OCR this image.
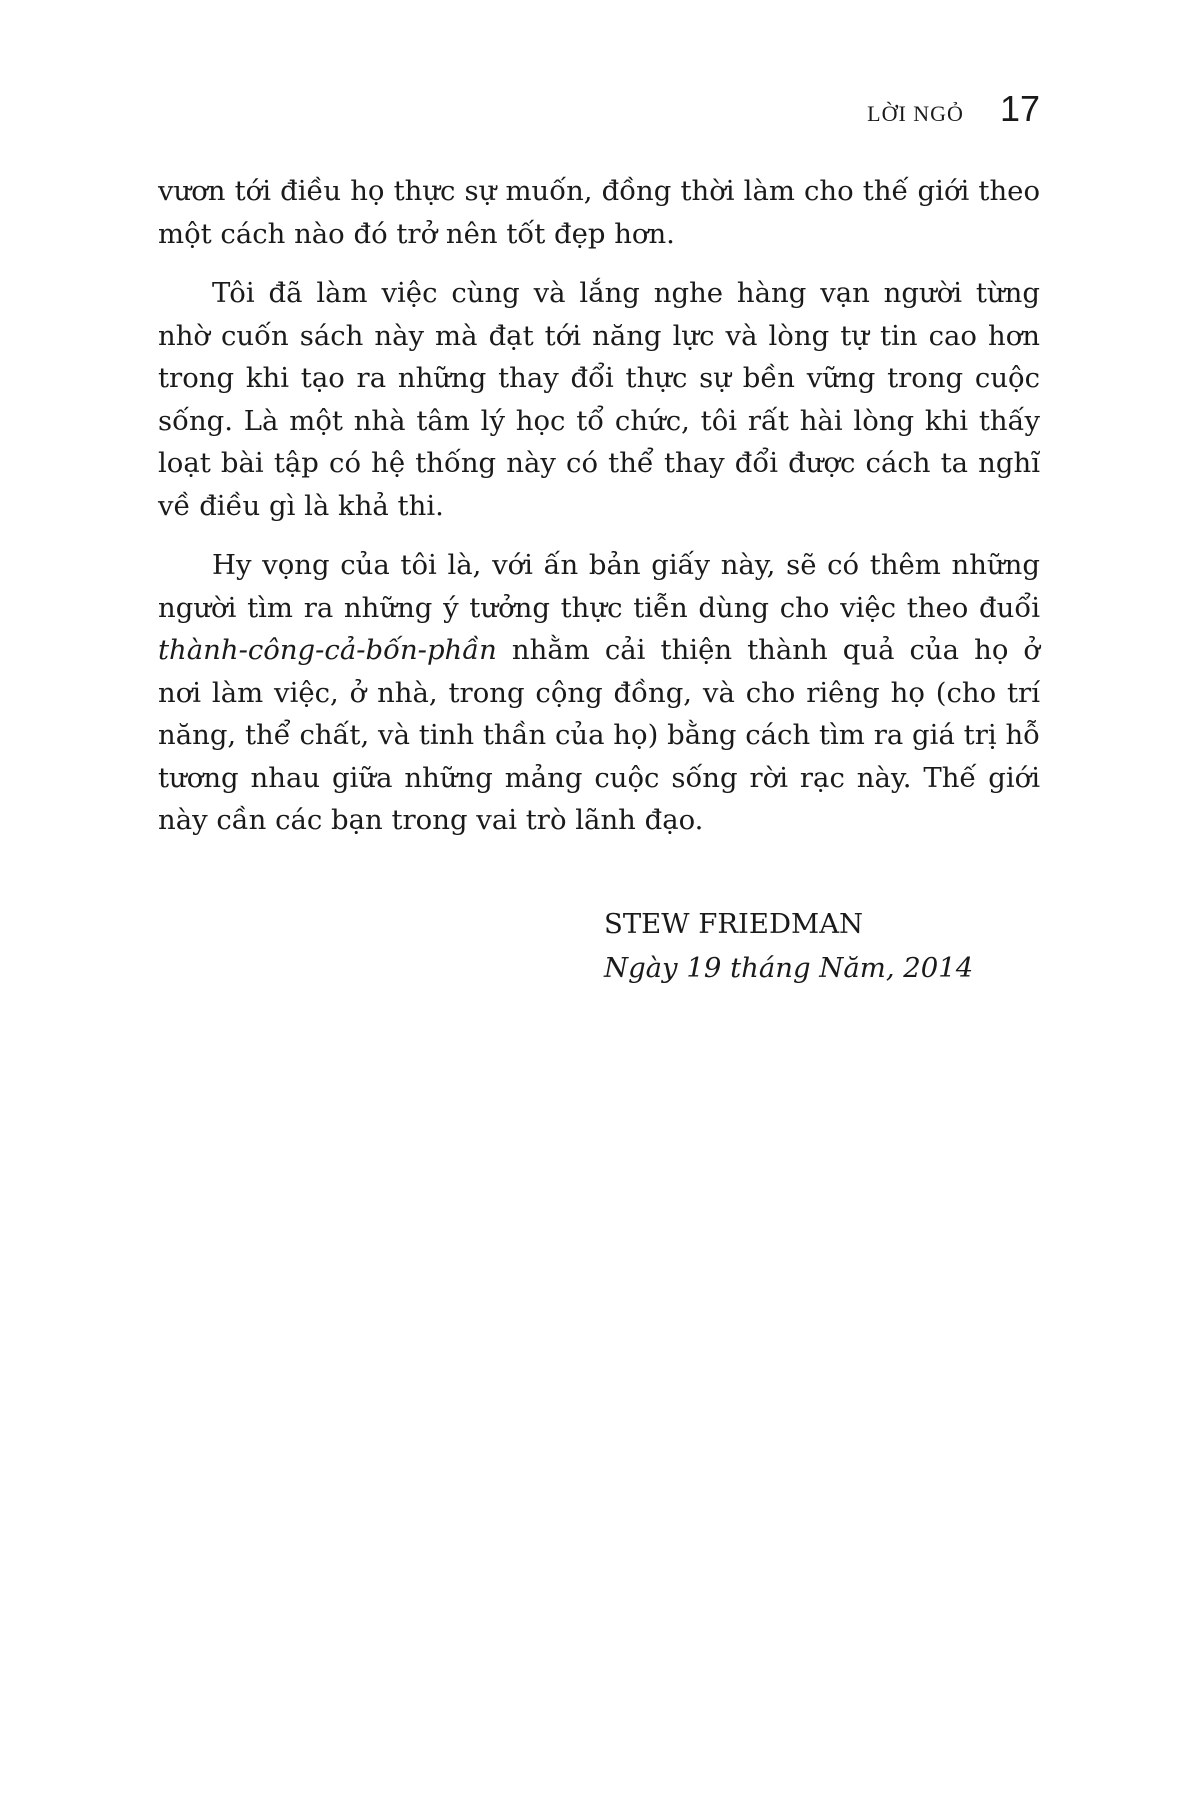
LỜI NGỎ 17

vươn tới điều họ thực sự muốn, đồng thời làm cho thế giới theo một cách nào đó trở nên tốt đẹp hơn.

Tôi đã làm việc cùng và lắng nghe hàng vạn người từng nhờ cuốn sách này mà đạt tới năng lực và lòng tự tin cao hơn trong khi tạo ra những thay đổi thực sự bền vững trong cuộc sống. Là một nhà tâm lý học tổ chức, tôi rất hài lòng khi thấy loạt bài tập có hệ thống này có thể thay đổi được cách ta nghĩ về điều gì là khả thi.

Hy vọng của tôi là, với ấn bản giấy này, sẽ có thêm những người tìm ra những ý tưởng thực tiễn dùng cho việc theo đuổi thành-công-cả-bốn-phần nhằm cải thiện thành quả của họ ở nơi làm việc, ở nhà, trong cộng đồng, và cho riêng họ (cho trí năng, thể chất, và tinh thần của họ) bằng cách tìm ra giá trị hỗ tương nhau giữa những mảng cuộc sống rời rạc này. Thế giới này cần các bạn trong vai trò lãnh đạo.

STEW FRIEDMAN
Ngày 19 tháng Năm, 2014
